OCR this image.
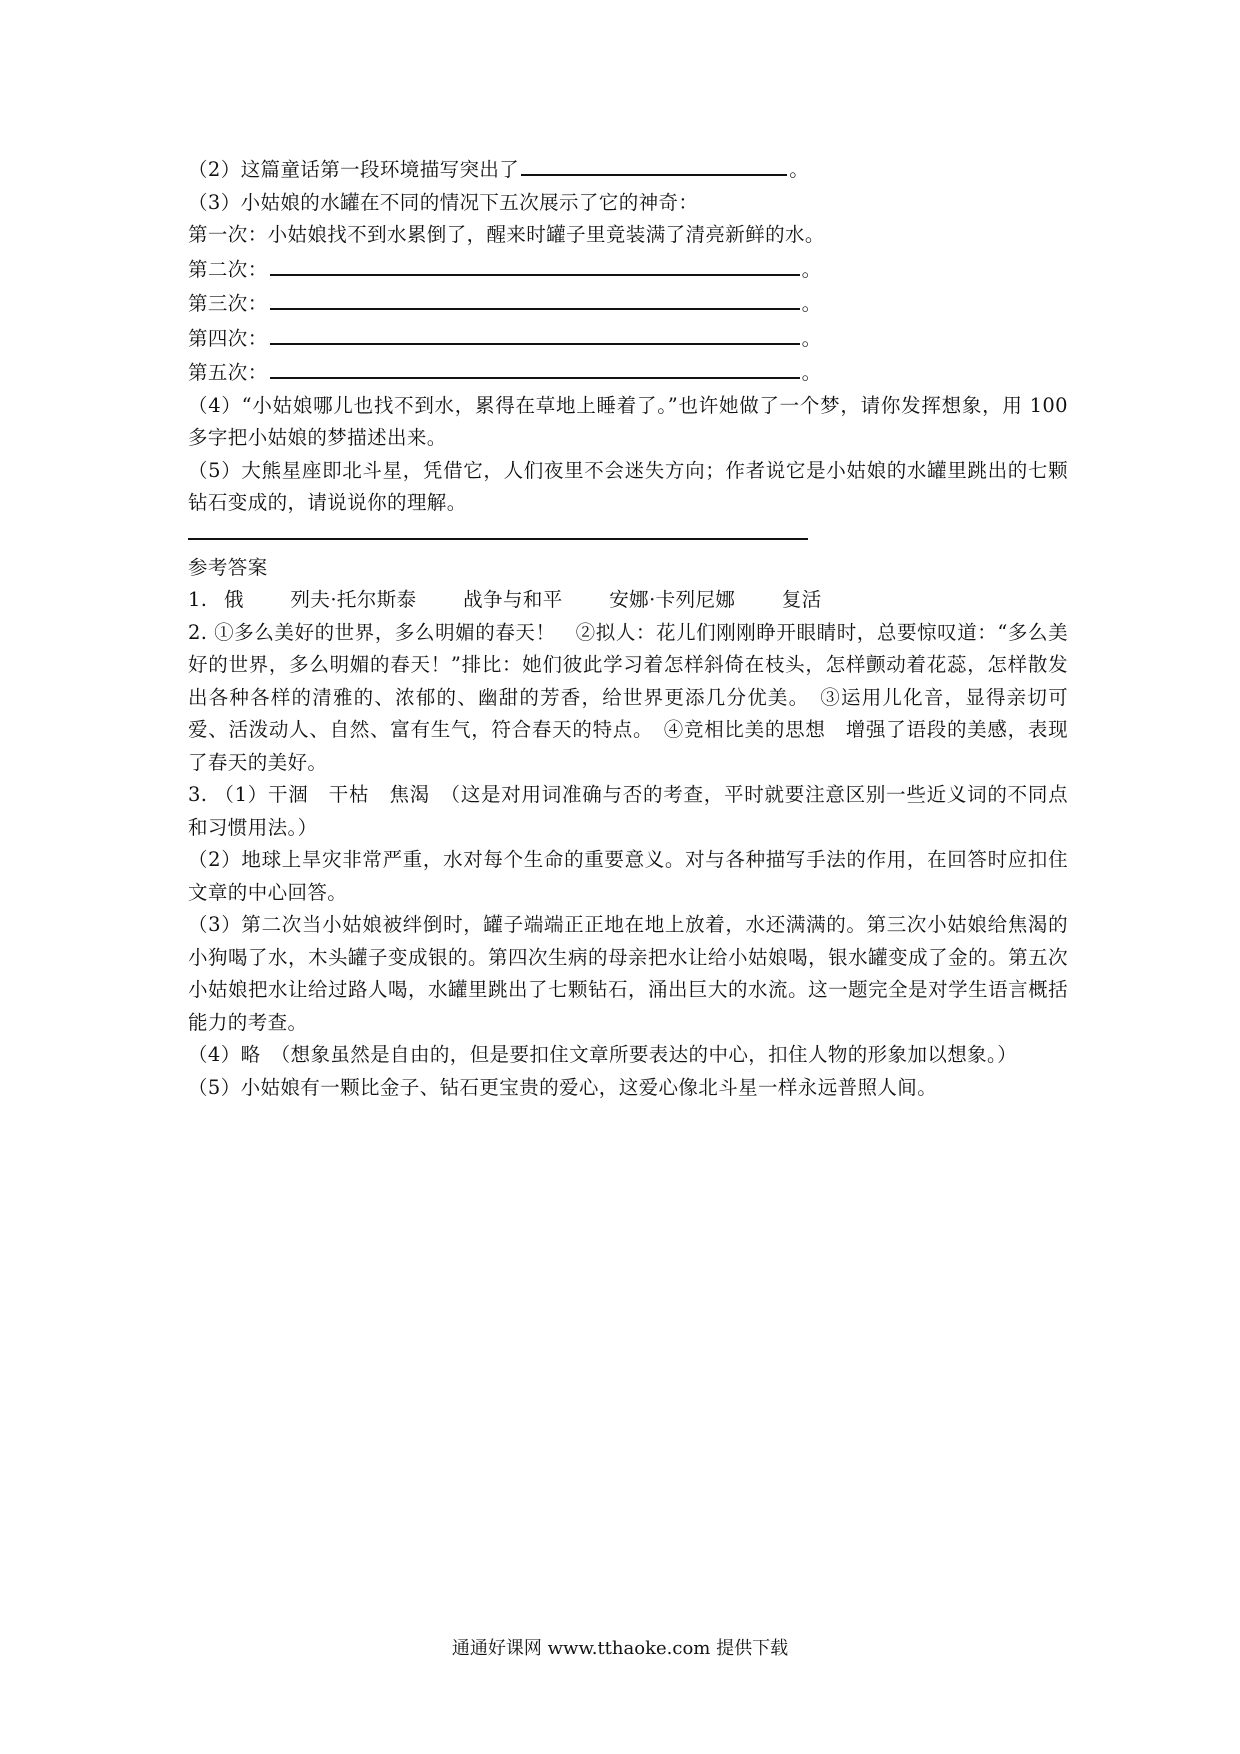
（2）这篇童话第一段环境描写突出了	。
（3）小姑娘的水罐在不同的情况下五次展示了它的神奇：
第一次：小姑娘找不到水累倒了，醒来时罐子里竟装满了清亮新鲜的水。
第二次：	。
第三次：	。
第四次：	。
第五次：	。
（4）“小姑娘哪儿也找不到水，累得在草地上睡着了。”也许她做了一个梦，请你发挥想象，用 100 多字把小姑娘的梦描述出来。
（5）大熊星座即北斗星，凭借它，人们夜里不会迷失方向；作者说它是小姑娘的水罐里跳出的七颗钻石变成的，请说说你的理解。
参考答案
1. 俄 列夫·托尔斯泰 战争与和平 安娜·卡列尼娜 复活
2. ①多么美好的世界，多么明媚的春天！　②拟人：花儿们刚刚睁开眼睛时，总要惊叹道：“多么美好的世界，多么明媚的春天！”排比：她们彼此学习着怎样斜倚在枝头，怎样颤动着花蕊，怎样散发出各种各样的清雅的、浓郁的、幽甜的芳香，给世界更添几分优美。　③运用儿化音，显得亲切可爱、活泼动人、自然、富有生气，符合春天的特点。　④竞相比美的思想　增强了语段的美感，表现了春天的美好。
3. （1）干涸　干枯　焦渴　（这是对用词准确与否的考查，平时就要注意区别一些近义词的不同点和习惯用法。）
（2）地球上旱灾非常严重，水对每个生命的重要意义。对与各种描写手法的作用，在回答时应扣住文章的中心回答。
（3）第二次当小姑娘被绊倒时，罐子端端正正地在地上放着，水还满满的。第三次小姑娘给焦渴的小狗喝了水，木头罐子变成银的。第四次生病的母亲把水让给小姑娘喝，银水罐变成了金的。第五次小姑娘把水让给过路人喝，水罐里跳出了七颗钻石，涌出巨大的水流。这一题完全是对学生语言概括能力的考查。
（4）略　（想象虽然是自由的，但是要扣住文章所要表达的中心，扣住人物的形象加以想象。）
（5）小姑娘有一颗比金子、钻石更宝贵的爱心，这爱心像北斗星一样永远普照人间。
通通好课网 www.tthaoke.com 提供下载
